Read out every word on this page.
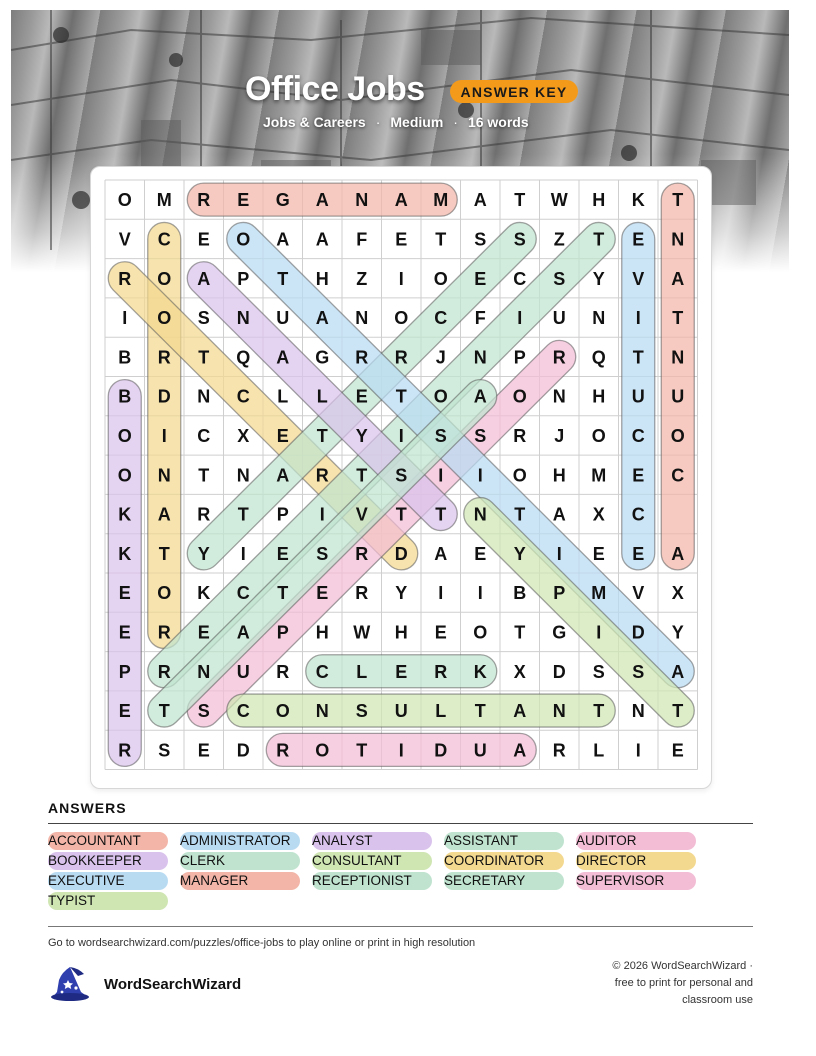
Office Jobs	ANSWER KEY
Jobs & Careers · Medium · 16 words
O M R E G A N A M A T W H K T
V C E O A A F E T S S Z T E N
R O A P T H Z I O E C S Y V A
I O S N U A N O C F I U N I T
B R T Q A G R R J N P R Q T N
B D N C L L E T O A O N H U U
O I C X E T Y I S S R J O C O
O N T N A R T S I I O H M E C
K A R T P I V T T N T A X C
K T Y I E S R D A E Y I E E A
E O K C T E R Y I I B P M V X
E R E A P H W H E O T G I D Y
P R N U R C L E R K X D S S A
E T S C O N S U L T A N T N T
R S E D R O T I D U A R L I E
ANSWERS
ACCOUNTANT	ADMINISTRATOR	ANALYST	ASSISTANT	AUDITOR
BOOKKEEPER	CLERK	CONSULTANT	COORDINATOR	DIRECTOR
EXECUTIVE	MANAGER	RECEPTIONIST	SECRETARY	SUPERVISOR
TYPIST
Go to wordsearchwizard.com/puzzles/office-jobs to play online or print in high resolution
WordSearchWizard
© 2026 WordSearchWizard ·
free to print for personal and
classroom use
